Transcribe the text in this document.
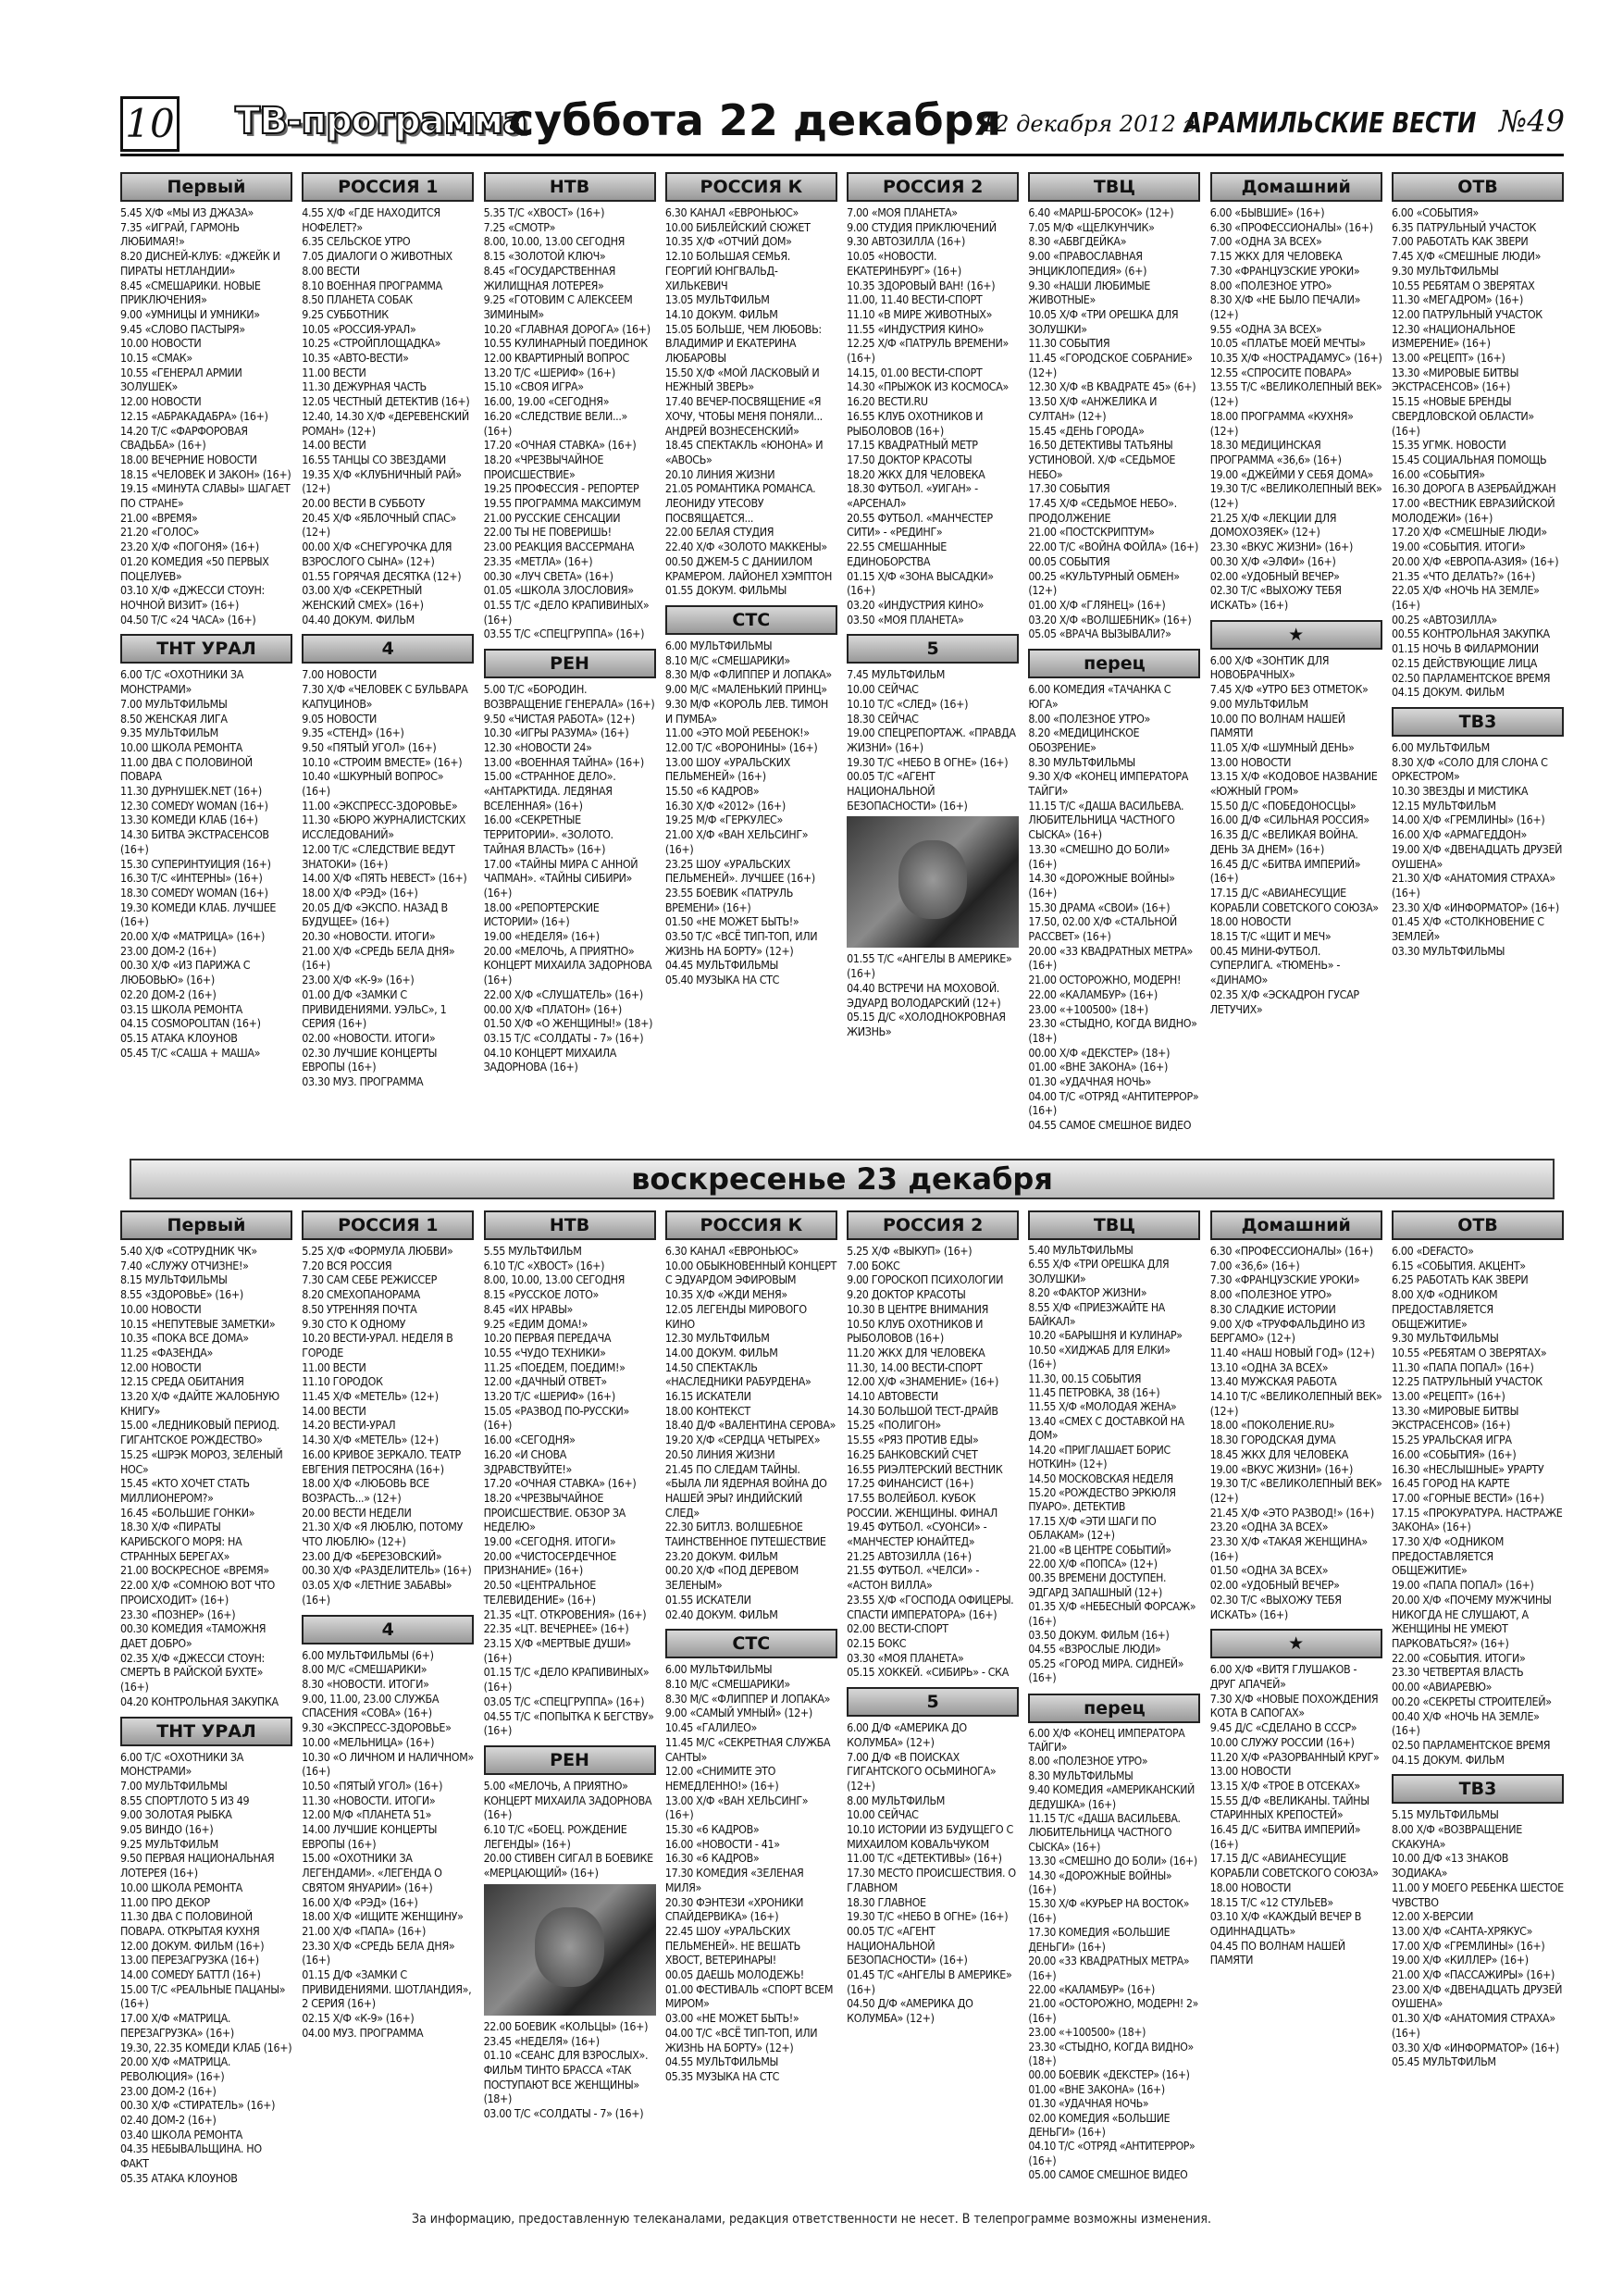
10 ТВ-программа
суббота 22 декабря
12 декабря 2012 г.
АРАМИЛЬСКИЕ ВЕСТИ №49
Первый

5.45 Х/Ф «МЫ ИЗ ДЖАЗА»

7.35 «ИГРАЙ, ГАРМОНЬ ЛЮБИМАЯ!»

8.20 ДИСНЕЙ-КЛУБ: «ДЖЕЙК И ПИРАТЫ НЕТЛАНДИИ»

8.45 «СМЕШАРИКИ. НОВЫЕ ПРИКЛЮЧЕНИЯ»

9.00 «УМНИЦЫ И УМНИКИ»

9.45 «СЛОВО ПАСТЫРЯ»

10.00 НОВОСТИ

10.15 «СМАК»

10.55 «ГЕНЕРАЛ АРМИИ ЗОЛУШЕК»

12.00 НОВОСТИ

12.15 «АБРАКАДАБРА» (16+)

14.20 Т/С «ФАРФОРОВАЯ СВАДЬБА» (16+)

18.00 ВЕЧЕРНИЕ НОВОСТИ

18.15 «ЧЕЛОВЕК И ЗАКОН» (16+)

19.15 «МИНУТА СЛАВЫ» ШАГАЕТ ПО СТРАНЕ»

21.00 «ВРЕМЯ»

21.20 «ГОЛОС»

23.20 Х/Ф «ПОГОНЯ» (16+)

01.20 КОМЕДИЯ «50 ПЕРВЫХ ПОЦЕЛУЕВ»

03.10 Х/Ф «ДЖЕССИ СТОУН: НОЧНОЙ ВИЗИТ» (16+)

04.50 Т/С «24 ЧАСА» (16+)

ТНТ УРАЛ

6.00 Т/С «ОХОТНИКИ ЗА МОНСТРАМИ»

7.00 МУЛЬТФИЛЬМЫ

8.50 ЖЕНСКАЯ ЛИГА

9.35 МУЛЬТФИЛЬМ

10.00 ШКОЛА РЕМОНТА

11.00 ДВА С ПОЛОВИНОЙ ПОВАРА

11.30 ДУРНУШЕК.NET (16+)

12.30 COMEDY WOMAN (16+)

13.30 КОМЕДИ КЛАБ (16+)

14.30 БИТВА ЭКСТРАСЕНСОВ (16+)

15.30 СУПЕРИНТУИЦИЯ (16+)

16.30 Т/С «ИНТЕРНЫ» (16+)

18.30 COMEDY WOMAN (16+)

19.30 КОМЕДИ КЛАБ. ЛУЧШЕЕ (16+)

20.00 Х/Ф «МАТРИЦА» (16+)

23.00 ДОМ-2 (16+)

00.30 Х/Ф «ИЗ ПАРИЖА С ЛЮБОВЬЮ» (16+)

02.20 ДОМ-2 (16+)

03.15 ШКОЛА РЕМОНТА

04.15 COSMOPOLITAN (16+)

05.15 АТАКА КЛОУНОВ

05.45 Т/С «САША + МАША»

РОССИЯ 1

4.55 Х/Ф «ГДЕ НАХОДИТСЯ НОФЕЛЕТ?»

6.35 СЕЛЬСКОЕ УТРО

7.05 ДИАЛОГИ О ЖИВОТНЫХ

8.00 ВЕСТИ

8.10 ВОЕННАЯ ПРОГРАММА

8.50 ПЛАНЕТА СОБАК

9.25 СУББОТНИК

10.05 «РОССИЯ-УРАЛ»

10.25 «СТРОЙПЛОЩАДКА»

10.35 «АВТО-ВЕСТИ»

11.00 ВЕСТИ

11.30 ДЕЖУРНАЯ ЧАСТЬ

12.05 ЧЕСТНЫЙ ДЕТЕКТИВ (16+)

12.40, 14.30 Х/Ф «ДЕРЕВЕНСКИЙ РОМАН» (12+)

14.00 ВЕСТИ

16.55 ТАНЦЫ СО ЗВЕЗДАМИ

19.35 Х/Ф «КЛУБНИЧНЫЙ РАЙ» (12+)

20.00 ВЕСТИ В СУББОТУ

20.45 Х/Ф «ЯБЛОЧНЫЙ СПАС» (12+)

00.00 Х/Ф «СНЕГУРОЧКА ДЛЯ ВЗРОСЛОГО СЫНА» (12+)

01.55 ГОРЯЧАЯ ДЕСЯТКА (12+)

03.00 Х/Ф «СЕКРЕТНЫЙ ЖЕНСКИЙ СМЕХ» (16+)

04.40 ДОКУМ. ФИЛЬМ

4

7.00 НОВОСТИ

7.30 Х/Ф «ЧЕЛОВЕК С БУЛЬВАРА КАПУЦИНОВ»

9.05 НОВОСТИ

9.35 «СТЕНД» (16+)

9.50 «ПЯТЫЙ УГОЛ» (16+)

10.10 «СТРОИМ ВМЕСТЕ» (16+)

10.40 «ШКУРНЫЙ ВОПРОС» (16+)

11.00 «ЭКСПРЕСС-ЗДОРОВЬЕ»

11.30 «БЮРО ЖУРНАЛИСТСКИХ ИССЛЕДОВАНИЙ»

12.00 Т/С «СЛЕДСТВИЕ ВЕДУТ ЗНАТОКИ» (16+)

14.00 Х/Ф «ПЯТЬ НЕВЕСТ» (16+)

18.00 Х/Ф «РЭД» (16+)

20.05 Д/Ф «ЭКСПО. НАЗАД В БУДУЩЕЕ» (16+)

20.30 «НОВОСТИ. ИТОГИ»

21.00 Х/Ф «СРЕДЬ БЕЛА ДНЯ» (16+)

23.00 Х/Ф «К-9» (16+)

01.00 Д/Ф «ЗАМКИ С ПРИВИДЕНИЯМИ. УЭЛЬС», 1 СЕРИЯ (16+)

02.00 «НОВОСТИ. ИТОГИ»

02.30 ЛУЧШИЕ КОНЦЕРТЫ ЕВРОПЫ (16+)

03.30 МУЗ. ПРОГРАММА

НТВ

5.35 Т/С «ХВОСТ» (16+)

7.25 «СМОТР»

8.00, 10.00, 13.00 СЕГОДНЯ

8.15 «ЗОЛОТОЙ КЛЮЧ»

8.45 «ГОСУДАРСТВЕННАЯ ЖИЛИЩНАЯ ЛОТЕРЕЯ»

9.25 «ГОТОВИМ С АЛЕКСЕЕМ ЗИМИНЫМ»

10.20 «ГЛАВНАЯ ДОРОГА» (16+)

10.55 КУЛИНАРНЫЙ ПОЕДИНОК

12.00 КВАРТИРНЫЙ ВОПРОС

13.20 Т/С «ШЕРИФ» (16+)

15.10 «СВОЯ ИГРА»

16.00, 19.00 «СЕГОДНЯ»

16.20 «СЛЕДСТВИЕ ВЕЛИ...» (16+)

17.20 «ОЧНАЯ СТАВКА» (16+)

18.20 «ЧРЕЗВЫЧАЙНОЕ ПРОИСШЕСТВИЕ»

19.25 ПРОФЕССИЯ - РЕПОРТЕР

19.55 ПРОГРАММА МАКСИМУМ

21.00 РУССКИЕ СЕНСАЦИИ

22.00 ТЫ НЕ ПОВЕРИШЬ!

23.00 РЕАКЦИЯ ВАССЕРМАНА

23.35 «МЕТЛА» (16+)

00.30 «ЛУЧ СВЕТА» (16+)

01.05 «ШКОЛА ЗЛОСЛОВИЯ»

01.55 Т/С «ДЕЛО КРАПИВИНЫХ» (16+)

03.55 Т/С «СПЕЦГРУППА» (16+)

РЕН

5.00 Т/С «БОРОДИН. ВОЗВРАЩЕНИЕ ГЕНЕРАЛА» (16+)

9.50 «ЧИСТАЯ РАБОТА» (12+)

10.30 «ИГРЫ РАЗУМА» (16+)

12.30 «НОВОСТИ 24»

13.00 «ВОЕННАЯ ТАЙНА» (16+)

15.00 «СТРАННОЕ ДЕЛО». «АНТАРКТИДА. ЛЕДЯНАЯ ВСЕЛЕННАЯ» (16+)

16.00 «СЕКРЕТНЫЕ ТЕРРИТОРИИ». «ЗОЛОТО. ТАЙНАЯ ВЛАСТЬ» (16+)

17.00 «ТАЙНЫ МИРА С АННОЙ ЧАПМАН». «ТАЙНЫ СИБИРИ» (16+)

18.00 «РЕПОРТЕРСКИЕ ИСТОРИИ» (16+)

19.00 «НЕДЕЛЯ» (16+)

20.00 «МЕЛОЧЬ, А ПРИЯТНО» КОНЦЕРТ МИХАИЛА ЗАДОРНОВА (16+)

22.00 Х/Ф «СЛУШАТЕЛЬ» (16+)

00.00 Х/Ф «ПЛАТОН» (16+)

01.50 Х/Ф «О ЖЕНЩИНЫ!» (18+)

03.15 Т/С «СОЛДАТЫ - 7» (16+)

04.10 КОНЦЕРТ МИХАИЛА ЗАДОРНОВА (16+)

РОССИЯ К

6.30 КАНАЛ «ЕВРОНЬЮС»

10.00 БИБЛЕЙСКИЙ СЮЖЕТ

10.35 Х/Ф «ОТЧИЙ ДОМ»

12.10 БОЛЬШАЯ СЕМЬЯ. ГЕОРГИЙ ЮНГВАЛЬД-ХИЛЬКЕВИЧ

13.05 МУЛЬТФИЛЬМ

14.10 ДОКУМ. ФИЛЬМ

15.05 БОЛЬШЕ, ЧЕМ ЛЮБОВЬ: ВЛАДИМИР И ЕКАТЕРИНА ЛЮБАРОВЫ

15.50 Х/Ф «МОЙ ЛАСКОВЫЙ И НЕЖНЫЙ ЗВЕРЬ»

17.40 ВЕЧЕР-ПОСВЯЩЕНИЕ «Я ХОЧУ, ЧТОБЫ МЕНЯ ПОНЯЛИ... АНДРЕЙ ВОЗНЕСЕНСКИЙ»

18.45 СПЕКТАКЛЬ «ЮНОНА» И «АВОСЬ»

20.10 ЛИНИЯ ЖИЗНИ

21.05 РОМАНТИКА РОМАНСА. ЛЕОНИДУ УТЕСОВУ ПОСВЯЩАЕТСЯ...

22.00 БЕЛАЯ СТУДИЯ

22.40 Х/Ф «ЗОЛОТО МАККЕНЫ»

00.50 ДЖЕМ-5 С ДАНИИЛОМ КРАМЕРОМ. ЛАЙОНЕЛ ХЭМПТОН

01.55 ДОКУМ. ФИЛЬМЫ

СТС

6.00 МУЛЬТФИЛЬМЫ

8.10 М/С «СМЕШАРИКИ»

8.30 М/Ф «ФЛИППЕР И ЛОПАКА»

9.00 М/С «МАЛЕНЬКИЙ ПРИНЦ»

9.30 М/Ф «КОРОЛЬ ЛЕВ. ТИМОН И ПУМБА»

11.00 «ЭТО МОЙ РЕБЕНОК!»

12.00 Т/С «ВОРОНИНЫ» (16+)

13.00 ШОУ «УРАЛЬСКИХ ПЕЛЬМЕНЕЙ» (16+)

15.50 «6 КАДРОВ»

16.30 Х/Ф «2012» (16+)

19.25 М/Ф «ГЕРКУЛЕС»

21.00 Х/Ф «ВАН ХЕЛЬСИНГ» (16+)

23.25 ШОУ «УРАЛЬСКИХ ПЕЛЬМЕНЕЙ». ЛУЧШЕЕ (16+)

23.55 БОЕВИК «ПАТРУЛЬ ВРЕМЕНИ» (16+)

01.50 «НЕ МОЖЕТ БЫТЬ!»

03.50 Т/С «ВСЁ ТИП-ТОП, ИЛИ ЖИЗНЬ НА БОРТУ» (12+)

04.45 МУЛЬТФИЛЬМЫ

05.40 МУЗЫКА НА СТС

РОССИЯ 2

7.00 «МОЯ ПЛАНЕТА»

9.00 СТУДИЯ ПРИКЛЮЧЕНИЙ

9.30 АВТОЗИЛЛА (16+)

10.05 «НОВОСТИ. ЕКАТЕРИНБУРГ» (16+)

10.35 ЗДОРОВЫЙ ВАН! (16+)

11.00, 11.40 ВЕСТИ-СПОРТ

11.10 «В МИРЕ ЖИВОТНЫХ»

11.55 «ИНДУСТРИЯ КИНО»

12.25 Х/Ф «ПАТРУЛЬ ВРЕМЕНИ» (16+)

14.15, 01.00 ВЕСТИ-СПОРТ

14.30 «ПРЫЖОК ИЗ КОСМОСА»

16.20 ВЕСТИ.RU

16.55 КЛУБ ОХОТНИКОВ И РЫБОЛОВОВ (16+)

17.15 КВАДРАТНЫЙ МЕТР

17.50 ДОКТОР КРАСОТЫ

18.20 ЖКХ ДЛЯ ЧЕЛОВЕКА

18.30 ФУТБОЛ. «УИГАН» - «АРСЕНАЛ»

20.55 ФУТБОЛ. «МАНЧЕСТЕР СИТИ» - «РЕДИНГ»

22.55 СМЕШАННЫЕ ЕДИНОБОРСТВА

01.15 Х/Ф «ЗОНА ВЫСАДКИ» (16+)

03.20 «ИНДУСТРИЯ КИНО»

03.50 «МОЯ ПЛАНЕТА»

5

7.45 МУЛЬТФИЛЬМ

10.00 СЕЙЧАС

10.10 Т/С «СЛЕД» (16+)

18.30 СЕЙЧАС

19.00 СПЕЦРЕПОРТАЖ. «ПРАВДА ЖИЗНИ» (16+)

19.30 Т/С «НЕБО В ОГНЕ» (16+)

00.05 Т/С «АГЕНТ НАЦИОНАЛЬНОЙ БЕЗОПАСНОСТИ» (16+)

01.55 Т/С «АНГЕЛЫ В АМЕРИКЕ» (16+)

04.40 ВСТРЕЧИ НА МОХОВОЙ. ЭДУАРД ВОЛОДАРСКИЙ (12+)

05.15 Д/С «ХОЛОДНОКРОВНАЯ ЖИЗНЬ»

ТВЦ

6.40 «МАРШ-БРОСОК» (12+)

7.05 М/Ф «ЩЕЛКУНЧИК»

8.30 «АБВГДЕЙКА»

9.00 «ПРАВОСЛАВНАЯ ЭНЦИКЛОПЕДИЯ» (6+)

9.30 «НАШИ ЛЮБИМЫЕ ЖИВОТНЫЕ»

10.05 Х/Ф «ТРИ ОРЕШКА ДЛЯ ЗОЛУШКИ»

11.30 СОБЫТИЯ

11.45 «ГОРОДСКОЕ СОБРАНИЕ» (12+)

12.30 Х/Ф «В КВАДРАТЕ 45» (6+)

13.50 Х/Ф «АНЖЕЛИКА И СУЛТАН» (12+)

15.45 «ДЕНЬ ГОРОДА»

16.50 ДЕТЕКТИВЫ ТАТЬЯНЫ УСТИНОВОЙ. Х/Ф «СЕДЬМОЕ НЕБО»

17.30 СОБЫТИЯ

17.45 Х/Ф «СЕДЬМОЕ НЕБО». ПРОДОЛЖЕНИЕ

21.00 «ПОСТСКРИПТУМ»

22.00 Т/С «ВОЙНА ФОЙЛА» (16+)

00.05 СОБЫТИЯ

00.25 «КУЛЬТУРНЫЙ ОБМЕН» (12+)

01.00 Х/Ф «ГЛЯНЕЦ» (16+)

03.20 Х/Ф «ВОЛШЕБНИК» (16+)

05.05 «ВРАЧА ВЫЗЫВАЛИ?»

перец

6.00 КОМЕДИЯ «ТАЧАНКА С ЮГА»

8.00 «ПОЛЕЗНОЕ УТРО»

8.20 «МЕДИЦИНСКОЕ ОБОЗРЕНИЕ»

8.30 МУЛЬТФИЛЬМЫ

9.30 Х/Ф «КОНЕЦ ИМПЕРАТОРА ТАЙГИ»

11.15 Т/С «ДАША ВАСИЛЬЕВА. ЛЮБИТЕЛЬНИЦА ЧАСТНОГО СЫСКА» (16+)

13.30 «СМЕШНО ДО БОЛИ» (16+)

14.30 «ДОРОЖНЫЕ ВОЙНЫ» (16+)

15.30 ДРАМА «СВОИ» (16+)

17.50, 02.00 Х/Ф «СТАЛЬНОЙ РАССВЕТ» (16+)

20.00 «33 КВАДРАТНЫХ МЕТРА» (16+)

21.00 ОСТОРОЖНО, МОДЕРН! 22.00 «КАЛАМБУР» (16+)

23.00 «+100500» (18+)

23.30 «СТЫДНО, КОГДА ВИДНО» (18+)

00.00 Х/Ф «ДЕКСТЕР» (18+)

01.00 «ВНЕ ЗАКОНА» (16+)

01.30 «УДАЧНАЯ НОЧЬ»

04.00 Т/С «ОТРЯД «АНТИТЕРРОР» (16+)

04.55 САМОЕ СМЕШНОЕ ВИДЕО

Домашний

6.00 «БЫВШИЕ» (16+)

6.30 «ПРОФЕССИОНАЛЫ» (16+)

7.00 «ОДНА ЗА ВСЕХ»

7.15 ЖКХ ДЛЯ ЧЕЛОВЕКА

7.30 «ФРАНЦУЗСКИЕ УРОКИ»

8.00 «ПОЛЕЗНОЕ УТРО»

8.30 Х/Ф «НЕ БЫЛО ПЕЧАЛИ» (12+)

9.55 «ОДНА ЗА ВСЕХ»

10.05 «ПЛАТЬЕ МОЕЙ МЕЧТЫ»

10.35 Х/Ф «НОСТРАДАМУС» (16+)

12.55 «СПРОСИТЕ ПОВАРА»

13.55 Т/С «ВЕЛИКОЛЕПНЫЙ ВЕК» (12+)

18.00 ПРОГРАММА «КУХНЯ» (12+)

18.30 МЕДИЦИНСКАЯ ПРОГРАММА «36,6» (16+)

19.00 «ДЖЕЙМИ У СЕБЯ ДОМА»

19.30 Т/С «ВЕЛИКОЛЕПНЫЙ ВЕК» (12+)

21.25 Х/Ф «ЛЕКЦИИ ДЛЯ ДОМОХОЗЯЕК» (12+)

23.30 «ВКУС ЖИЗНИ» (16+)

00.30 Х/Ф «ЭЛФИ» (16+)

02.00 «УДОБНЫЙ ВЕЧЕР»

02.30 Т/С «ВЫХОЖУ ТЕБЯ ИСКАТЬ» (16+)

★

6.00 Х/Ф «ЗОНТИК ДЛЯ НОВОБРАЧНЫХ»

7.45 Х/Ф «УТРО БЕЗ ОТМЕТОК»

9.00 МУЛЬТФИЛЬМ

10.00 ПО ВОЛНАМ НАШЕЙ ПАМЯТИ

11.05 Х/Ф «ШУМНЫЙ ДЕНЬ»

13.00 НОВОСТИ

13.15 Х/Ф «КОДОВОЕ НАЗВАНИЕ «ЮЖНЫЙ ГРОМ»

15.50 Д/С «ПОБЕДОНОСЦЫ»

16.00 Д/Ф «СИЛЬНАЯ РОССИЯ»

16.35 Д/С «ВЕЛИКАЯ ВОЙНА. ДЕНЬ ЗА ДНЕМ» (16+)

16.45 Д/С «БИТВА ИМПЕРИЙ» (16+)

17.15 Д/С «АВИАНЕСУЩИЕ КОРАБЛИ СОВЕТСКОГО СОЮЗА»

18.00 НОВОСТИ

18.15 Т/С «ЩИТ И МЕЧ»

00.45 МИНИ-ФУТБОЛ. СУПЕРЛИГА. «ТЮМЕНЬ» - «ДИНАМО»

02.35 Х/Ф «ЭСКАДРОН ГУСАР ЛЕТУЧИХ»

ОТВ

6.00 «СОБЫТИЯ»

6.35 ПАТРУЛЬНЫЙ УЧАСТОК

7.00 РАБОТАТЬ КАК ЗВЕРИ

7.45 Х/Ф «СМЕШНЫЕ ЛЮДИ»

9.30 МУЛЬТФИЛЬМЫ

10.55 РЕБЯТАМ О ЗВЕРЯТАХ

11.30 «МЕГАДРОМ» (16+)

12.00 ПАТРУЛЬНЫЙ УЧАСТОК

12.30 «НАЦИОНАЛЬНОЕ ИЗМЕРЕНИЕ» (16+)

13.00 «РЕЦЕПТ» (16+)

13.30 «МИРОВЫЕ БИТВЫ ЭКСТРАСЕНСОВ» (16+)

15.15 «НОВЫЕ БРЕНДЫ СВЕРДЛОВСКОЙ ОБЛАСТИ» (16+)

15.35 УГМК. НОВОСТИ

15.45 СОЦИАЛЬНАЯ ПОМОЩЬ

16.00 «СОБЫТИЯ»

16.30 ДОРОГА В АЗЕРБАЙДЖАН

17.00 «ВЕСТНИК ЕВРАЗИЙСКОЙ МОЛОДЕЖИ» (16+)

17.20 Х/Ф «СМЕШНЫЕ ЛЮДИ»

19.00 «СОБЫТИЯ. ИТОГИ»

20.00 Х/Ф «ЕВРОПА-АЗИЯ» (16+)

21.35 «ЧТО ДЕЛАТЬ?» (16+)

22.05 Х/Ф «НОЧЬ НА ЗЕМЛЕ» (16+)

00.25 «АВТОЗИЛЛА»

00.55 КОНТРОЛЬНАЯ ЗАКУПКА

01.15 НОЧЬ В ФИЛАРМОНИИ

02.15 ДЕЙСТВУЮЩИЕ ЛИЦА

02.50 ПАРЛАМЕНТСКОЕ ВРЕМЯ

04.15 ДОКУМ. ФИЛЬМ

ТВ3

6.00 МУЛЬТФИЛЬМ

8.30 Х/Ф «СОЛО ДЛЯ СЛОНА С ОРКЕСТРОМ»

10.30 ЗВЕЗДЫ И МИСТИКА

12.15 МУЛЬТФИЛЬМ

14.00 Х/Ф «ГРЕМЛИНЫ» (16+)

16.00 Х/Ф «АРМАГЕДДОН»

19.00 Х/Ф «ДВЕНАДЦАТЬ ДРУЗЕЙ ОУШЕНА»

21.30 Х/Ф «АНАТОМИЯ СТРАХА» (16+)

23.30 Х/Ф «ИНФОРМАТОР» (16+)

01.45 Х/Ф «СТОЛКНОВЕНИЕ С ЗЕМЛЕЙ»

03.30 МУЛЬТФИЛЬМЫ

воскресенье 23 декабря
Первый

5.40 Х/Ф «СОТРУДНИК ЧК»

7.40 «СЛУЖУ ОТЧИЗНЕ!»

8.15 МУЛЬТФИЛЬМЫ

8.55 «ЗДОРОВЬЕ» (16+)

10.00 НОВОСТИ

10.15 «НЕПУТЕВЫЕ ЗАМЕТКИ»

10.35 «ПОКА ВСЕ ДОМА»

11.25 «ФАЗЕНДА»

12.00 НОВОСТИ

12.15 СРЕДА ОБИТАНИЯ

13.20 Х/Ф «ДАЙТЕ ЖАЛОБНУЮ КНИГУ»

15.00 «ЛЕДНИКОВЫЙ ПЕРИОД. ГИГАНТСКОЕ РОЖДЕСТВО»

15.25 «ШРЭК МОРОЗ, ЗЕЛЕНЫЙ НОС»

15.45 «КТО ХОЧЕТ СТАТЬ МИЛЛИОНЕРОМ?»

16.45 «БОЛЬШИЕ ГОНКИ»

18.30 Х/Ф «ПИРАТЫ КАРИБСКОГО МОРЯ: НА СТРАННЫХ БЕРЕГАХ»

21.00 ВОСКРЕСНОЕ «ВРЕМЯ»

22.00 Х/Ф «СОМНОЮ ВОТ ЧТО ПРОИСХОДИТ» (16+)

23.30 «ПОЗНЕР» (16+)

00.30 КОМЕДИЯ «ТАМОЖНЯ ДАЕТ ДОБРО»

02.35 Х/Ф «ДЖЕССИ СТОУН: СМЕРТЬ В РАЙСКОЙ БУХТЕ» (16+)

04.20 КОНТРОЛЬНАЯ ЗАКУПКА

ТНТ УРАЛ

6.00 Т/С «ОХОТНИКИ ЗА МОНСТРАМИ»

7.00 МУЛЬТФИЛЬМЫ

8.55 СПОРТЛОТО 5 ИЗ 49

9.00 ЗОЛОТАЯ РЫБКА

9.05 ВИНДО (16+)

9.25 МУЛЬТФИЛЬМ

9.50 ПЕРВАЯ НАЦИОНАЛЬНАЯ ЛОТЕРЕЯ (16+)

10.00 ШКОЛА РЕМОНТА

11.00 ПРО ДЕКОР

11.30 ДВА С ПОЛОВИНОЙ ПОВАРА. ОТКРЫТАЯ КУХНЯ

12.00 ДОКУМ. ФИЛЬМ (16+)

13.00 ПЕРЕЗАГРУЗКА (16+)

14.00 COMEDY БАТТЛ (16+)

15.00 Т/С «РЕАЛЬНЫЕ ПАЦАНЫ» (16+)

17.00 Х/Ф «МАТРИЦА. ПЕРЕЗАГРУЗКА» (16+)

19.30, 22.35 КОМЕДИ КЛАБ (16+)

20.00 Х/Ф «МАТРИЦА. РЕВОЛЮЦИЯ» (16+)

23.00 ДОМ-2 (16+)

00.30 Х/Ф «СТИРАТЕЛЬ» (16+)

02.40 ДОМ-2 (16+)

03.40 ШКОЛА РЕМОНТА

04.35 НЕБЫВАЛЬЩИНА. НО ФАКТ

05.35 АТАКА КЛОУНОВ

РОССИЯ 1

5.25 Х/Ф «ФОРМУЛА ЛЮБВИ»

7.20 ВСЯ РОССИЯ

7.30 САМ СЕБЕ РЕЖИССЕР

8.20 СМЕХОПАНОРАМА

8.50 УТРЕННЯЯ ПОЧТА

9.30 СТО К ОДНОМУ

10.20 ВЕСТИ-УРАЛ. НЕДЕЛЯ В ГОРОДЕ

11.00 ВЕСТИ

11.10 ГОРОДОК

11.45 Х/Ф «МЕТЕЛЬ» (12+)

14.00 ВЕСТИ

14.20 ВЕСТИ-УРАЛ

14.30 Х/Ф «МЕТЕЛЬ» (12+)

16.00 КРИВОЕ ЗЕРКАЛО. ТЕАТР ЕВГЕНИЯ ПЕТРОСЯНА (16+)

18.00 Х/Ф «ЛЮБОВЬ ВСЕ ВОЗРАСТЬ...» (12+)

20.00 ВЕСТИ НЕДЕЛИ

21.30 Х/Ф «Я ЛЮБЛЮ, ПОТОМУ ЧТО ЛЮБЛЮ» (12+)

23.00 Д/Ф «БЕРЕЗОВСКИЙ»

00.30 Х/Ф «РАЗДЕЛИТЕЛЬ» (16+)

03.05 Х/Ф «ЛЕТНИЕ ЗАБАВЫ» (16+)

4

6.00 МУЛЬТФИЛЬМЫ (6+)

8.00 М/С «СМЕШАРИКИ»

8.30 «НОВОСТИ. ИТОГИ»

9.00, 11.00, 23.00 СЛУЖБА СПАСЕНИЯ «СОВА» (16+)

9.30 «ЭКСПРЕСС-ЗДОРОВЬЕ»

10.00 «МЕЛЬНИЦА» (16+)

10.30 «О ЛИЧНОМ И НАЛИЧНОМ» (16+)

10.50 «ПЯТЫЙ УГОЛ» (16+)

11.30 «НОВОСТИ. ИТОГИ»

12.00 М/Ф «ПЛАНЕТА 51»

14.00 ЛУЧШИЕ КОНЦЕРТЫ ЕВРОПЫ (16+)

15.00 «ОХОТНИКИ ЗА ЛЕГЕНДАМИ». «ЛЕГЕНДА О СВЯТОМ ЯНУАРИИ» (16+)

16.00 Х/Ф «РЭД» (16+)

18.00 Х/Ф «ИЩИТЕ ЖЕНЩИНУ»

21.00 Х/Ф «ПАПА» (16+)

23.30 Х/Ф «СРЕДЬ БЕЛА ДНЯ» (16+)

01.15 Д/Ф «ЗАМКИ С ПРИВИДЕНИЯМИ. ШОТЛАНДИЯ», 2 СЕРИЯ (16+)

02.15 Х/Ф «К-9» (16+)

04.00 МУЗ. ПРОГРАММА

НТВ

5.55 МУЛЬТФИЛЬМ

6.10 Т/С «ХВОСТ» (16+)

8.00, 10.00, 13.00 СЕГОДНЯ

8.15 «РУССКОЕ ЛОТО»

8.45 «ИХ НРАВЫ»

9.25 «ЕДИМ ДОМА!»

10.20 ПЕРВАЯ ПЕРЕДАЧА

10.55 «ЧУДО ТЕХНИКИ»

11.25 «ПОЕДЕМ, ПОЕДИМ!»

12.00 «ДАЧНЫЙ ОТВЕТ»

13.20 Т/С «ШЕРИФ» (16+)

15.05 «РАЗВОД ПО-РУССКИ» (16+)

16.00 «СЕГОДНЯ»

16.20 «И СНОВА ЗДРАВСТВУЙТЕ!»

17.20 «ОЧНАЯ СТАВКА» (16+)

18.20 «ЧРЕЗВЫЧАЙНОЕ ПРОИСШЕСТВИЕ. ОБЗОР ЗА НЕДЕЛЮ»

19.00 «СЕГОДНЯ. ИТОГИ»

20.00 «ЧИСТОСЕРДЕЧНОЕ ПРИЗНАНИЕ» (16+)

20.50 «ЦЕНТРАЛЬНОЕ ТЕЛЕВИДЕНИЕ» (16+)

21.35 «ЦТ. ОТКРОВЕНИЯ» (16+)

22.35 «ЦТ. ВЕЧЕРНЕЕ» (16+)

23.15 Х/Ф «МЕРТВЫЕ ДУШИ» (16+)

01.15 Т/С «ДЕЛО КРАПИВИНЫХ» (16+)

03.05 Т/С «СПЕЦГРУППА» (16+)

04.55 Т/С «ПОПЫТКА К БЕГСТВУ» (16+)

РЕН

5.00 «МЕЛОЧЬ, А ПРИЯТНО» КОНЦЕРТ МИХАИЛА ЗАДОРНОВА (16+)

6.10 Т/С «БОЕЦ. РОЖДЕНИЕ ЛЕГЕНДЫ» (16+)

20.00 СТИВЕН СИГАЛ В БОЕВИКЕ «МЕРЦАЮЩИЙ» (16+)

22.00 БОЕВИК «КОЛЬЦЫ» (16+)

23.45 «НЕДЕЛЯ» (16+)

01.10 «СЕАНС ДЛЯ ВЗРОСЛЫХ». ФИЛЬМ ТИНТО БРАССА «ТАК ПОСТУПАЮТ ВСЕ ЖЕНЩИНЫ» (18+)

03.00 Т/С «СОЛДАТЫ - 7» (16+)

РОССИЯ К

6.30 КАНАЛ «ЕВРОНЬЮС»

10.00 ОБЫКНОВЕННЫЙ КОНЦЕРТ С ЭДУАРДОМ ЭФИРОВЫМ

10.35 Х/Ф «ЖДИ МЕНЯ»

12.05 ЛЕГЕНДЫ МИРОВОГО КИНО

12.30 МУЛЬТФИЛЬМ

14.00 ДОКУМ. ФИЛЬМ

14.50 СПЕКТАКЛЬ «НАСЛЕДНИКИ РАБУРДЕНА»

16.15 ИСКАТЕЛИ

18.00 КОНТЕКСТ

18.40 Д/Ф «ВАЛЕНТИНА СЕРОВА»

19.20 Х/Ф «СЕРДЦА ЧЕТЫРЕХ»

20.50 ЛИНИЯ ЖИЗНИ

21.45 ПО СЛЕДАМ ТАЙНЫ. «БЫЛА ЛИ ЯДЕРНАЯ ВОЙНА ДО НАШЕЙ ЭРЫ? ИНДИЙСКИЙ СЛЕД»

22.30 БИТЛЗ. ВОЛШЕБНОЕ ТАИНСТВЕННОЕ ПУТЕШЕСТВИЕ

23.20 ДОКУМ. ФИЛЬМ

00.20 Х/Ф «ПОД ДЕРЕВОМ ЗЕЛЕНЫМ»

01.55 ИСКАТЕЛИ

02.40 ДОКУМ. ФИЛЬМ

СТС

6.00 МУЛЬТФИЛЬМЫ

8.10 М/С «СМЕШАРИКИ»

8.30 М/С «ФЛИППЕР И ЛОПАКА»

9.00 «САМЫЙ УМНЫЙ» (12+)

10.45 «ГАЛИЛЕО»

11.45 М/С «СЕКРЕТНАЯ СЛУЖБА САНТЫ»

12.00 «СНИМИТЕ ЭТО НЕМЕДЛЕННО!» (16+)

13.00 Х/Ф «ВАН ХЕЛЬСИНГ» (16+)

15.30 «6 КАДРОВ»

16.00 «НОВОСТИ - 41»

16.30 «6 КАДРОВ»

17.30 КОМЕДИЯ «ЗЕЛЕНАЯ МИЛЯ»

20.30 ФЭНТЕЗИ «ХРОНИКИ СПАЙДЕРВИКА» (16+)

22.45 ШОУ «УРАЛЬСКИХ ПЕЛЬМЕНЕЙ». НЕ ВЕШАТЬ ХВОСТ, ВЕТЕРИНАРЫ!

00.05 ДАЕШЬ МОЛОДЕЖЬ!

01.00 ФЕСТИВАЛЬ «СПОРТ ВСЕМ МИРОМ»

03.00 «НЕ МОЖЕТ БЫТЬ!»

04.00 Т/С «ВСЁ ТИП-ТОП, ИЛИ ЖИЗНЬ НА БОРТУ» (12+)

04.55 МУЛЬТФИЛЬМЫ

05.35 МУЗЫКА НА СТС

РОССИЯ 2

5.25 Х/Ф «ВЫКУП» (16+)

7.00 БОКС

9.00 ГОРОСКОП ПСИХОЛОГИИ

9.20 ДОКТОР КРАСОТЫ

10.30 В ЦЕНТРЕ ВНИМАНИЯ

10.50 КЛУБ ОХОТНИКОВ И РЫБОЛОВОВ (16+)

11.20 ЖКХ ДЛЯ ЧЕЛОВЕКА

11.30, 14.00 ВЕСТИ-СПОРТ

12.00 Х/Ф «ЗНАМЕНИЕ» (16+)

14.10 АВТОВЕСТИ

14.30 БОЛЬШОЙ ТЕСТ-ДРАЙВ

15.25 «ПОЛИГОН»

15.55 «РЯЗ ПРОТИВ ЕДЫ»

16.25 БАНКОВСКИЙ СЧЕТ

16.55 РИЭЛТЕРСКИЙ ВЕСТНИК

17.25 ФИНАНСИСТ (16+)

17.55 ВОЛЕЙБОЛ. КУБОК РОССИИ. ЖЕНЩИНЫ. ФИНАЛ

19.45 ФУТБОЛ. «СУОНСИ» - «МАНЧЕСТЕР ЮНАЙТЕД»

21.25 АВТОЗИЛЛА (16+)

21.55 ФУТБОЛ. «ЧЕЛСИ» - «АСТОН ВИЛЛА»

23.55 Х/Ф «ГОСПОДА ОФИЦЕРЫ. СПАСТИ ИМПЕРАТОРА» (16+)

02.00 ВЕСТИ-СПОРТ

02.15 БОКС

03.30 «МОЯ ПЛАНЕТА»

05.15 ХОККЕЙ. «СИБИРЬ» - СКА

5

6.00 Д/Ф «АМЕРИКА ДО КОЛУМБА» (12+)

7.00 Д/Ф «В ПОИСКАХ ГИГАНТСКОГО ОСЬМИНОГА» (12+)

8.00 МУЛЬТФИЛЬМ

10.00 СЕЙЧАС

10.10 ИСТОРИИ ИЗ БУДУЩЕГО С МИХАИЛОМ КОВАЛЬЧУКОМ

11.00 Т/С «ДЕТЕКТИВЫ» (16+)

17.30 МЕСТО ПРОИСШЕСТВИЯ. О ГЛАВНОМ

18.30 ГЛАВНОЕ

19.30 Т/С «НЕБО В ОГНЕ» (16+)

00.05 Т/С «АГЕНТ НАЦИОНАЛЬНОЙ БЕЗОПАСНОСТИ» (16+)

01.45 Т/С «АНГЕЛЫ В АМЕРИКЕ» (16+)

04.50 Д/Ф «АМЕРИКА ДО КОЛУМБА» (12+)

ТВЦ

5.40 МУЛЬТФИЛЬМЫ

6.55 Х/Ф «ТРИ ОРЕШКА ДЛЯ ЗОЛУШКИ»

8.20 «ФАКТОР ЖИЗНИ»

8.55 Х/Ф «ПРИЕЗЖАЙТЕ НА БАЙКАЛ»

10.20 «БАРЫШНЯ И КУЛИНАР»

10.50 «ХИДЖАБ ДЛЯ ЕЛКИ» (16+)

11.30, 00.15 СОБЫТИЯ

11.45 ПЕТРОВКА, 38 (16+)

11.55 Х/Ф «МОЛОДАЯ ЖЕНА»

13.40 «СМЕХ С ДОСТАВКОЙ НА ДОМ»

14.20 «ПРИГЛАШАЕТ БОРИС НОТКИН» (12+)

14.50 МОСКОВСКАЯ НЕДЕЛЯ

15.20 «РОЖДЕСТВО ЭРКЮЛЯ ПУАРО». ДЕТЕКТИВ

17.15 Х/Ф «ЭТИ ШАГИ ПО ОБЛАКАМ» (12+)

21.00 «В ЦЕНТРЕ СОБЫТИЙ»

22.00 Х/Ф «ПОПСА» (12+)

00.35 ВРЕМЕНИ ДОСТУПЕН. ЭДГАРД ЗАПАШНЫЙ (12+)

01.35 Х/Ф «НЕБЕСНЫЙ ФОРСАЖ» (16+)

03.50 ДОКУМ. ФИЛЬМ (16+)

04.55 «ВЗРОСЛЫЕ ЛЮДИ»

05.25 «ГОРОД МИРА. СИДНЕЙ» (16+)

перец

6.00 Х/Ф «КОНЕЦ ИМПЕРАТОРА ТАЙГИ»

8.00 «ПОЛЕЗНОЕ УТРО»

8.30 МУЛЬТФИЛЬМЫ

9.40 КОМЕДИЯ «АМЕРИКАНСКИЙ ДЕДУШКА» (16+)

11.15 Т/С «ДАША ВАСИЛЬЕВА. ЛЮБИТЕЛЬНИЦА ЧАСТНОГО СЫСКА» (16+)

13.30 «СМЕШНО ДО БОЛИ» (16+)

14.30 «ДОРОЖНЫЕ ВОЙНЫ» (16+)

15.30 Х/Ф «КУРЬЕР НА ВОСТОК» (16+)

17.30 КОМЕДИЯ «БОЛЬШИЕ ДЕНЬГИ» (16+)

20.00 «33 КВАДРАТНЫХ МЕТРА» (16+)

22.00 «КАЛАМБУР» (16+)

21.00 «ОСТОРОЖНО, МОДЕРН! 2» (16+)

23.00 «+100500» (18+)

23.30 «СТЫДНО, КОГДА ВИДНО» (18+)

00.00 БОЕВИК «ДЕКСТЕР» (16+)

01.00 «ВНЕ ЗАКОНА» (16+)

01.30 «УДАЧНАЯ НОЧЬ»

02.00 КОМЕДИЯ «БОЛЬШИЕ ДЕНЬГИ» (16+)

04.10 Т/С «ОТРЯД «АНТИТЕРРОР» (16+)

05.00 САМОЕ СМЕШНОЕ ВИДЕО

Домашний

6.30 «ПРОФЕССИОНАЛЫ» (16+)

7.00 «36,6» (16+)

7.30 «ФРАНЦУЗСКИЕ УРОКИ»

8.00 «ПОЛЕЗНОЕ УТРО»

8.30 СЛАДКИЕ ИСТОРИИ

9.00 Х/Ф «ТРУФФАЛЬДИНО ИЗ БЕРГАМО» (12+)

11.40 «НАШ НОВЫЙ ГОД» (12+)

13.10 «ОДНА ЗА ВСЕХ»

13.40 МУЖСКАЯ РАБОТА

14.10 Т/С «ВЕЛИКОЛЕПНЫЙ ВЕК» (12+)

18.00 «ПОКОЛЕНИЕ.RU»

18.30 ГОРОДСКАЯ ДУМА

18.45 ЖКХ ДЛЯ ЧЕЛОВЕКА

19.00 «ВКУС ЖИЗНИ» (16+)

19.30 Т/С «ВЕЛИКОЛЕПНЫЙ ВЕК» (12+)

21.45 Х/Ф «ЭТО РАЗВОД!» (16+)

23.20 «ОДНА ЗА ВСЕХ»

23.30 Х/Ф «ТАКАЯ ЖЕНЩИНА» (16+)

01.50 «ОДНА ЗА ВСЕХ»

02.00 «УДОБНЫЙ ВЕЧЕР»

02.30 Т/С «ВЫХОЖУ ТЕБЯ ИСКАТЬ» (16+)

★

6.00 Х/Ф «ВИТЯ ГЛУШАКОВ - ДРУГ АПАЧЕЙ»

7.30 Х/Ф «НОВЫЕ ПОХОЖДЕНИЯ КОТА В САПОГАХ»

9.45 Д/С «СДЕЛАНО В СССР»

10.00 СЛУЖУ РОССИИ (16+)

11.20 Х/Ф «РАЗОРВАННЫЙ КРУГ»

13.00 НОВОСТИ

13.15 Х/Ф «ТРОЕ В ОТСЕКАХ»

15.55 Д/Ф «ВЕЛИКАНЫ. ТАЙНЫ СТАРИННЫХ КРЕПОСТЕЙ»

16.45 Д/С «БИТВА ИМПЕРИЙ» (16+)

17.15 Д/С «АВИАНЕСУЩИЕ КОРАБЛИ СОВЕТСКОГО СОЮЗА»

18.00 НОВОСТИ

18.15 Т/С «12 СТУЛЬЕВ»

03.10 Х/Ф «КАЖДЫЙ ВЕЧЕР В ОДИННАДЦАТЬ»

04.45 ПО ВОЛНАМ НАШЕЙ ПАМЯТИ

ОТВ

6.00 «DEFACTO»

6.15 «СОБЫТИЯ. АКЦЕНТ»

6.25 РАБОТАТЬ КАК ЗВЕРИ

8.00 Х/Ф «ОДНИКОМ ПРЕДОСТАВЛЯЕТСЯ ОБЩЕЖИТИЕ»

9.30 МУЛЬТФИЛЬМЫ

10.55 «РЕБЯТАМ О ЗВЕРЯТАХ»

11.30 «ПАПА ПОПАЛ» (16+)

12.25 ПАТРУЛЬНЫЙ УЧАСТОК

13.00 «РЕЦЕПТ» (16+)

13.30 «МИРОВЫЕ БИТВЫ ЭКСТРАСЕНСОВ» (16+)

15.25 УРАЛЬСКАЯ ИГРА

16.00 «СОБЫТИЯ» (16+)

16.30 «НЕСЛЫШНЫЕ» УРАРТУ

16.45 ГОРОД НА КАРТЕ

17.00 «ГОРНЫЕ ВЕСТИ» (16+)

17.15 «ПРОКУРАТУРА. НАСТРАЖЕ ЗАКОНА» (16+)

17.30 Х/Ф «ОДНИКОМ ПРЕДОСТАВЛЯЕТСЯ ОБЩЕЖИТИЕ»

19.00 «ПАПА ПОПАЛ» (16+)

20.00 Х/Ф «ПОЧЕМУ МУЖЧИНЫ НИКОГДА НЕ СЛУШАЮТ, А ЖЕНЩИНЫ НЕ УМЕЮТ ПАРКОВАТЬСЯ?» (16+)

22.00 «СОБЫТИЯ. ИТОГИ»

23.30 ЧЕТВЕРТАЯ ВЛАСТЬ

00.00 «АВИАРЕВЮ»

00.20 «СЕКРЕТЫ СТРОИТЕЛЕЙ»

00.40 Х/Ф «НОЧЬ НА ЗЕМЛЕ» (16+)

02.50 ПАРЛАМЕНТСКОЕ ВРЕМЯ

04.15 ДОКУМ. ФИЛЬМ

ТВ3

5.15 МУЛЬТФИЛЬМЫ

8.00 Х/Ф «ВОЗВРАЩЕНИЕ СКАКУНА»

10.00 Д/Ф «13 ЗНАКОВ ЗОДИАКА»

11.00 У МОЕГО РЕБЕНКА ШЕСТОЕ ЧУВСТВО

12.00 Х-ВЕРСИИ

13.00 Х/Ф «САНТА-ХРЯКУС»

17.00 Х/Ф «ГРЕМЛИНЫ» (16+)

19.00 Х/Ф «КИЛЛЕР» (16+)

21.00 Х/Ф «ПАССАЖИРЫ» (16+)

23.00 Х/Ф «ДВЕНАДЦАТЬ ДРУЗЕЙ ОУШЕНА»

01.30 Х/Ф «АНАТОМИЯ СТРАХА» (16+)

03.30 Х/Ф «ИНФОРМАТОР» (16+)

05.45 МУЛЬТФИЛЬМ

За информацию, предоставленную телеканалами, редакция ответственности не несет. В телепрограмме возможны изменения.
